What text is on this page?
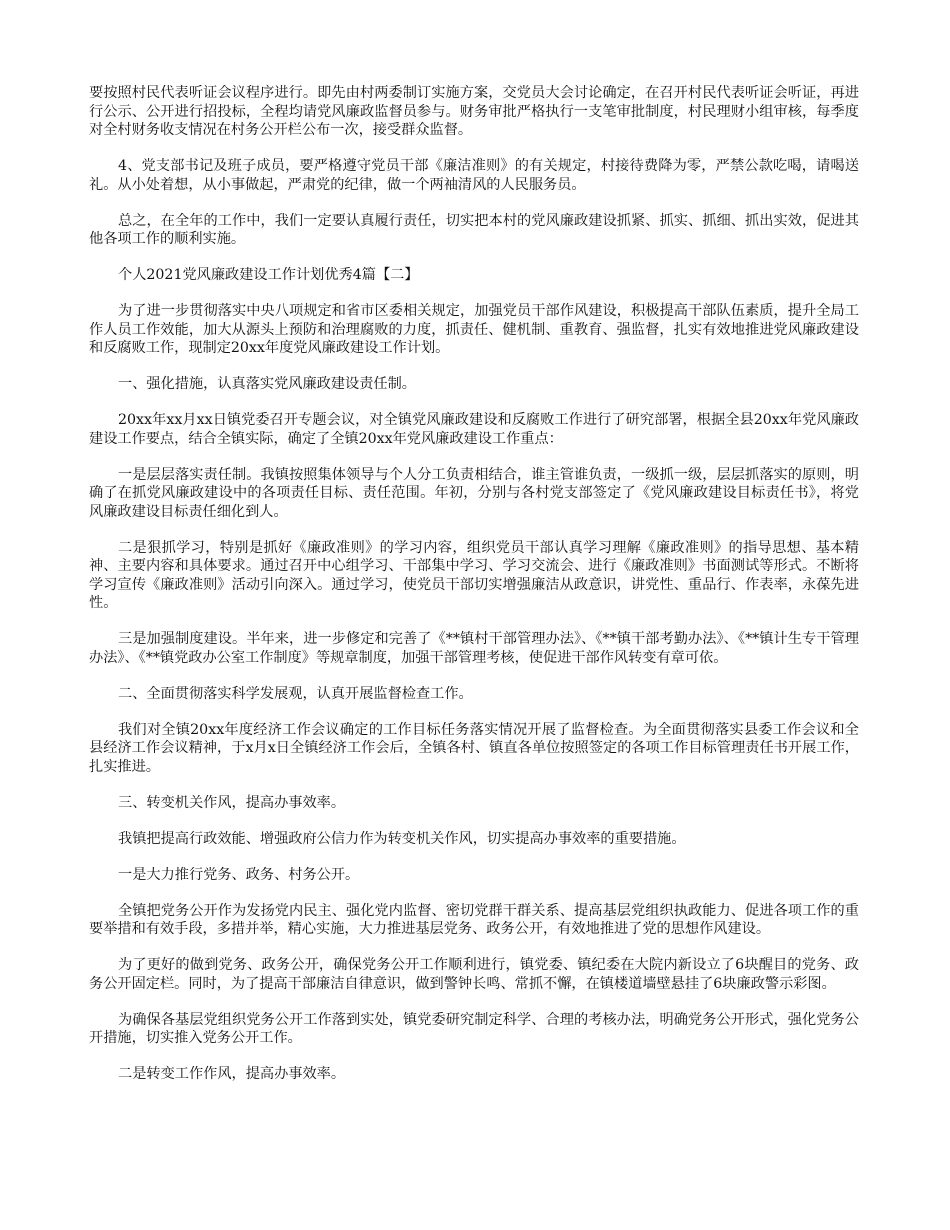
要按照村民代表听证会议程序进行。即先由村两委制订实施方案，交党员大会讨论确定，在召开村民代表听证会听证，再进行公示、公开进行招投标，全程均请党风廉政监督员参与。财务审批严格执行一支笔审批制度，村民理财小组审核，每季度对全村财务收支情况在村务公开栏公布一次，接受群众监督。

4、党支部书记及班子成员，要严格遵守党员干部《廉洁准则》的有关规定，村接待费降为零，严禁公款吃喝，请喝送礼。从小处着想，从小事做起，严肃党的纪律，做一个两袖清风的人民服务员。

总之，在全年的工作中，我们一定要认真履行责任，切实把本村的党风廉政建设抓紧、抓实、抓细、抓出实效，促进其他各项工作的顺利实施。

个人2021党风廉政建设工作计划优秀4篇【二】

为了进一步贯彻落实中央八项规定和省市区委相关规定，加强党员干部作风建设，积极提高干部队伍素质，提升全局工作人员工作效能，加大从源头上预防和治理腐败的力度，抓责任、健机制、重教育、强监督，扎实有效地推进党风廉政建设和反腐败工作，现制定20xx年度党风廉政建设工作计划。

一、强化措施，认真落实党风廉政建设责任制。

20xx年xx月xx日镇党委召开专题会议，对全镇党风廉政建设和反腐败工作进行了研究部署，根据全县20xx年党风廉政建设工作要点，结合全镇实际，确定了全镇20xx年党风廉政建设工作重点：

一是层层落实责任制。我镇按照集体领导与个人分工负责相结合，谁主管谁负责，一级抓一级，层层抓落实的原则，明确了在抓党风廉政建设中的各项责任目标、责任范围。年初，分别与各村党支部签定了《党风廉政建设目标责任书》，将党风廉政建设目标责任细化到人。

二是狠抓学习，特别是抓好《廉政准则》的学习内容，组织党员干部认真学习理解《廉政准则》的指导思想、基本精神、主要内容和具体要求。通过召开中心组学习、干部集中学习、学习交流会、进行《廉政准则》书面测试等形式。不断将学习宣传《廉政准则》活动引向深入。通过学习，使党员干部切实增强廉洁从政意识，讲党性、重品行、作表率，永葆先进性。

三是加强制度建设。半年来，进一步修定和完善了《**镇村干部管理办法》、《**镇干部考勤办法》、《**镇计生专干管理办法》、《**镇党政办公室工作制度》等规章制度，加强干部管理考核，使促进干部作风转变有章可依。

二、全面贯彻落实科学发展观，认真开展监督检查工作。

我们对全镇20xx年度经济工作会议确定的工作目标任务落实情况开展了监督检查。为全面贯彻落实县委工作会议和全县经济工作会议精神，于x月x日全镇经济工作会后，全镇各村、镇直各单位按照签定的各项工作目标管理责任书开展工作，扎实推进。

三、转变机关作风，提高办事效率。

我镇把提高行政效能、增强政府公信力作为转变机关作风，切实提高办事效率的重要措施。

一是大力推行党务、政务、村务公开。

全镇把党务公开作为发扬党内民主、强化党内监督、密切党群干群关系、提高基层党组织执政能力、促进各项工作的重要举措和有效手段，多措并举，精心实施，大力推进基层党务、政务公开，有效地推进了党的思想作风建设。

为了更好的做到党务、政务公开，确保党务公开工作顺利进行，镇党委、镇纪委在大院内新设立了6块醒目的党务、政务公开固定栏。同时，为了提高干部廉洁自律意识，做到警钟长鸣、常抓不懈，在镇楼道墙壁悬挂了6块廉政警示彩图。

为确保各基层党组织党务公开工作落到实处，镇党委研究制定科学、合理的考核办法，明确党务公开形式，强化党务公开措施，切实推入党务公开工作。

二是转变工作作风，提高办事效率。
